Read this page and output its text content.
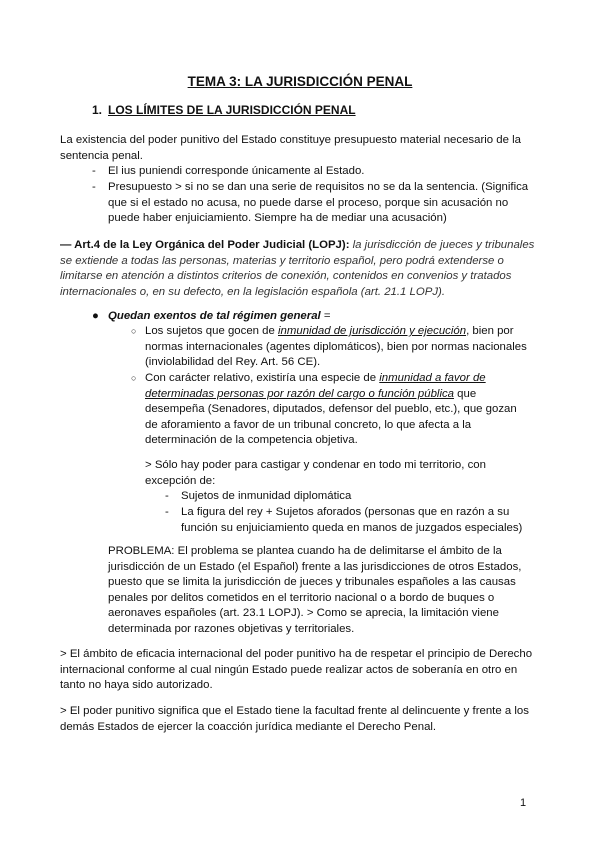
TEMA 3: LA JURISDICCIÓN PENAL
1. LOS LÍMITES DE LA JURISDICCIÓN PENAL
La existencia del poder punitivo del Estado constituye presupuesto material necesario de la sentencia penal.
- El ius puniendi corresponde únicamente al Estado.
- Presupuesto > si no se dan una serie de requisitos no se da la sentencia. (Significa que si el estado no acusa, no puede darse el proceso, porque sin acusación no puede haber enjuiciamiento. Siempre ha de mediar una acusación)
— Art.4 de la Ley Orgánica del Poder Judicial (LOPJ): la jurisdicción de jueces y tribunales se extiende a todas las personas, materias y territorio español, pero podrá extenderse o limitarse en atención a distintos criterios de conexión, contenidos en convenios y tratados internacionales o, en su defecto, en la legislación española (art. 21.1 LOPJ).
● Quedan exentos de tal régimen general =
○ Los sujetos que gocen de inmunidad de jurisdicción y ejecución, bien por normas internacionales (agentes diplomáticos), bien por normas nacionales (inviolabilidad del Rey. Art. 56 CE).
○ Con carácter relativo, existiría una especie de inmunidad a favor de determinadas personas por razón del cargo o función pública que desempeña (Senadores, diputados, defensor del pueblo, etc.), que gozan de aforamiento a favor de un tribunal concreto, lo que afecta a la determinación de la competencia objetiva.
> Sólo hay poder para castigar y condenar en todo mi territorio, con excepción de:
- Sujetos de inmunidad diplomática
- La figura del rey + Sujetos aforados (personas que en razón a su función su enjuiciamiento queda en manos de juzgados especiales)
PROBLEMA: El problema se plantea cuando ha de delimitarse el ámbito de la jurisdicción de un Estado (el Español) frente a las jurisdicciones de otros Estados, puesto que se limita la jurisdicción de jueces y tribunales españoles a las causas penales por delitos cometidos en el territorio nacional o a bordo de buques o aeronaves españoles (art. 23.1 LOPJ). > Como se aprecia, la limitación viene determinada por razones objetivas y territoriales.
> El ámbito de eficacia internacional del poder punitivo ha de respetar el principio de Derecho internacional conforme al cual ningún Estado puede realizar actos de soberanía en otro en tanto no haya sido autorizado.
> El poder punitivo significa que el Estado tiene la facultad frente al delincuente y frente a los demás Estados de ejercer la coacción jurídica mediante el Derecho Penal.
1
